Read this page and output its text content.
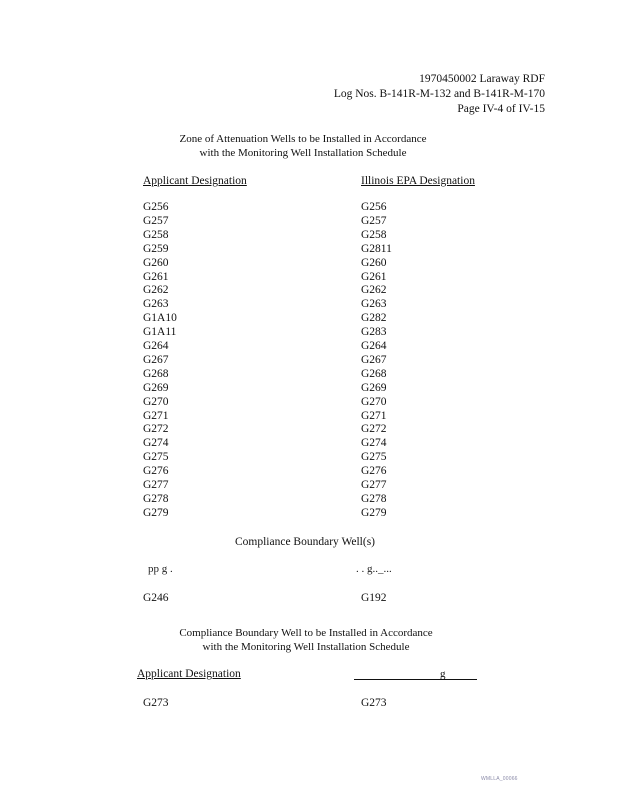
1970450002 Laraway RDF
Log Nos. B-141R-M-132 and B-141R-M-170
Page IV-4 of IV-15
Zone of Attenuation Wells to be Installed in Accordance
with the Monitoring Well Installation Schedule
Applicant Designation	Illinois EPA Designation
G256	G256
G257	G257
G258	G258
G259	G2811
G260	G260
G261	G261
G262	G262
G263	G263
G1A10	G282
G1A11	G283
G264	G264
G267	G267
G268	G268
G269	G269
G270	G270
G271	G271
G272	G272
G274	G274
G275	G275
G276	G276
G277	G277
G278	G278
G279	G279
Compliance Boundary Well(s)
pp g .	. . g.._...
G246	G192
Compliance Boundary Well to be Installed in Accordance
with the Monitoring Well Installation Schedule
Applicant Designation	g
G273	G273
WMLLA_00066
